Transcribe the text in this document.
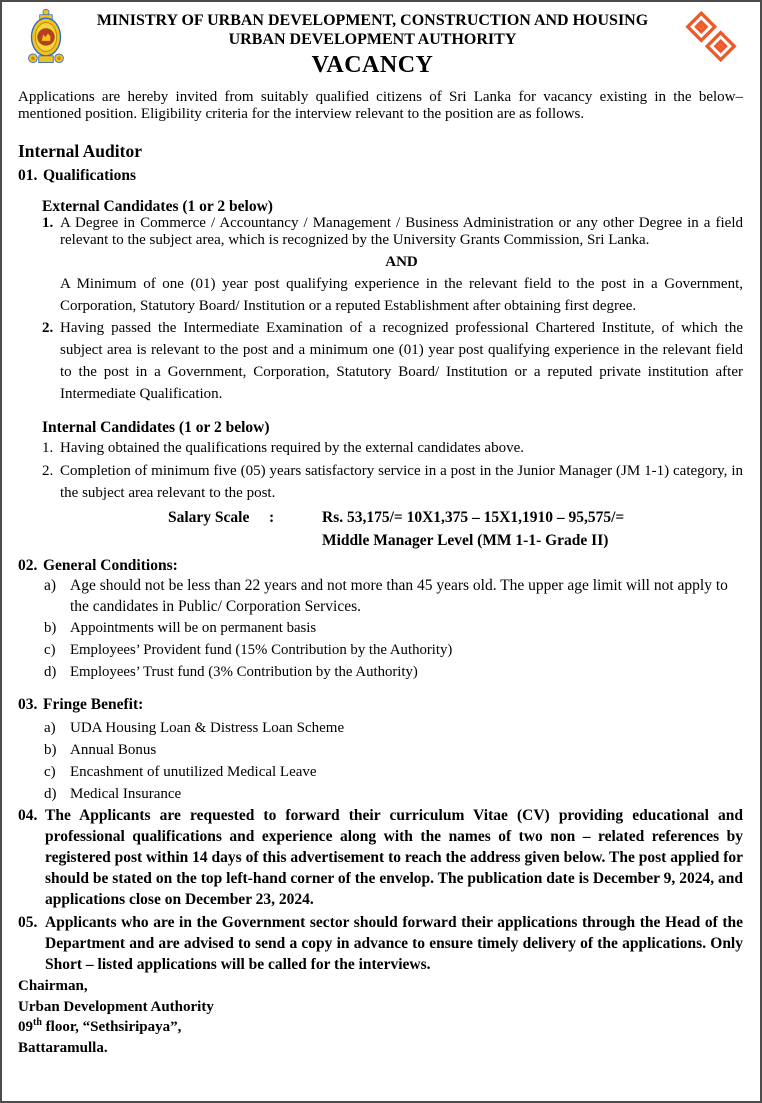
MINISTRY OF URBAN DEVELOPMENT, CONSTRUCTION AND HOUSING
URBAN DEVELOPMENT AUTHORITY
VACANCY

Applications are hereby invited from suitably qualified citizens of Sri Lanka for vacancy existing in the below–mentioned position. Eligibility criteria for the interview relevant to the position are as follows.

Internal Auditor
01. Qualifications
External Candidates (1 or 2 below)
1. A Degree in Commerce / Accountancy / Management / Business Administration or any other Degree in a field relevant to the subject area, which is recognized by the University Grants Commission, Sri Lanka.
AND
A Minimum of one (01) year post qualifying experience in the relevant field to the post in a Government, Corporation, Statutory Board/ Institution or a reputed Establishment after obtaining first degree.
2. Having passed the Intermediate Examination of a recognized professional Chartered Institute, of which the subject area is relevant to the post and a minimum one (01) year post qualifying experience in the relevant field to the post in a Government, Corporation, Statutory Board/ Institution or a reputed private institution after Intermediate Qualification.
Internal Candidates (1 or 2 below)
1. Having obtained the qualifications required by the external candidates above.
2. Completion of minimum five (05) years satisfactory service in a post in the Junior Manager (JM 1-1) category, in the subject area relevant to the post.
Salary Scale	:	Rs. 53,175/= 10X1,375 – 15X1,1910 – 95,575/=
Middle Manager Level (MM 1-1- Grade II)
02. General Conditions:
a) Age should not be less than 22 years and not more than 45 years old. The upper age limit will not apply to the candidates in Public/ Corporation Services.
b) Appointments will be on permanent basis
c) Employees’ Provident fund (15% Contribution by the Authority)
d) Employees’ Trust fund (3% Contribution by the Authority)
03. Fringe Benefit:
a) UDA Housing Loan & Distress Loan Scheme
b) Annual Bonus
c) Encashment of unutilized Medical Leave
d) Medical Insurance
04. The Applicants are requested to forward their curriculum Vitae (CV) providing educational and professional qualifications and experience along with the names of two non – related references by registered post within 14 days of this advertisement to reach the address given below. The post applied for should be stated on the top left-hand corner of the envelop. The publication date is December 9, 2024, and applications close on December 23, 2024.
05. Applicants who are in the Government sector should forward their applications through the Head of the Department and are advised to send a copy in advance to ensure timely delivery of the applications. Only Short – listed applications will be called for the interviews.
Chairman,
Urban Development Authority
09th floor, “Sethsiripaya”,
Battaramulla.
